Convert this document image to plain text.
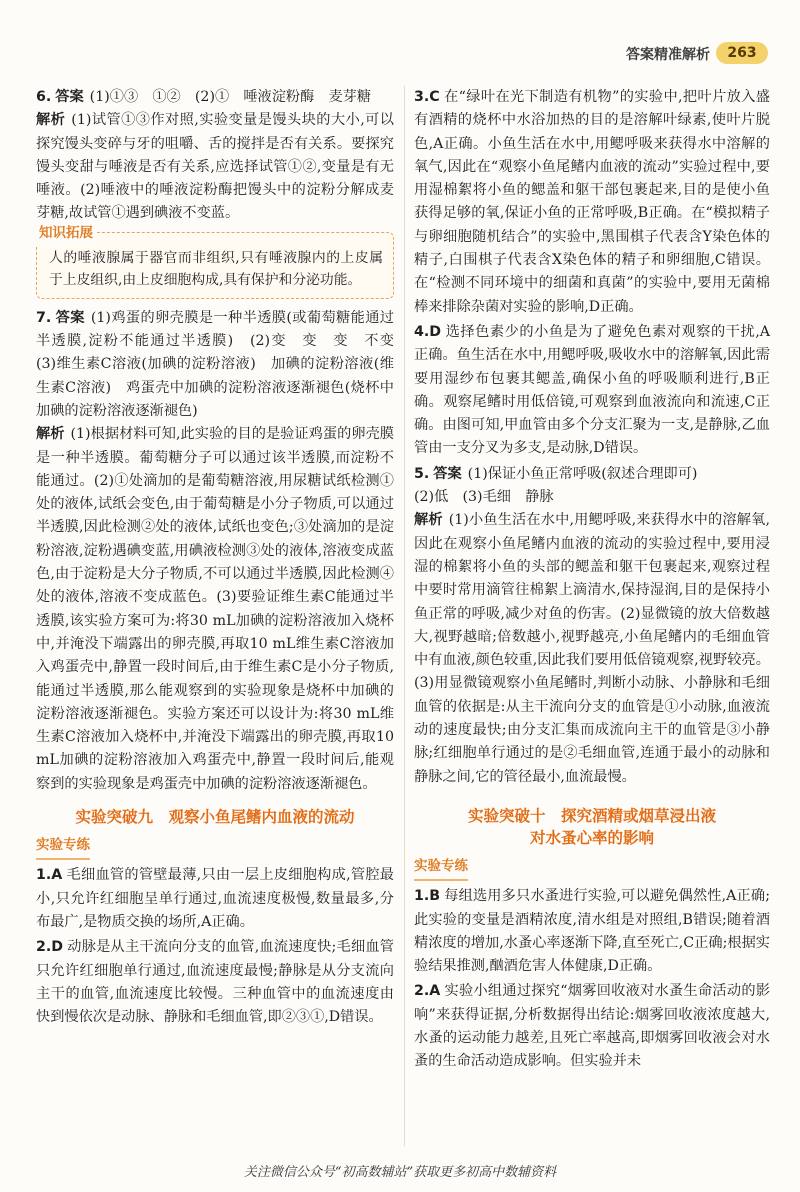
答案精准解析	263

6. 答案 (1)①③　①②　(2)①　唾液淀粉酶　麦芽糖

解析 (1)试管①③作对照,实验变量是馒头块的大小,可以探究馒头变碎与牙的咀嚼、舌的搅拌是否有关系。要探究馒头变甜与唾液是否有关系,应选择试管①②,变量是有无唾液。(2)唾液中的唾液淀粉酶把馒头中的淀粉分解成麦芽糖,故试管①遇到碘液不变蓝。

知识拓展
人的唾液腺属于器官而非组织,只有唾液腺内的上皮属于上皮组织,由上皮细胞构成,具有保护和分泌功能。

7. 答案 (1)鸡蛋的卵壳膜是一种半透膜(或葡萄糖能通过半透膜,淀粉不能通过半透膜)　(2)变　变　变　不变　(3)维生素C溶液(加碘的淀粉溶液)　加碘的淀粉溶液(维生素C溶液)　鸡蛋壳中加碘的淀粉溶液逐渐褪色(烧杯中加碘的淀粉溶液逐渐褪色)

解析 (1)根据材料可知,此实验的目的是验证鸡蛋的卵壳膜是一种半透膜。葡萄糖分子可以通过该半透膜,而淀粉不能通过。(2)①处滴加的是葡萄糖溶液,用尿糖试纸检测①处的液体,试纸会变色,由于葡萄糖是小分子物质,可以通过半透膜,因此检测②处的液体,试纸也变色;③处滴加的是淀粉溶液,淀粉遇碘变蓝,用碘液检测③处的液体,溶液变成蓝色,由于淀粉是大分子物质,不可以通过半透膜,因此检测④处的液体,溶液不变成蓝色。(3)要验证维生素C能通过半透膜,该实验方案可为:将30 mL加碘的淀粉溶液加入烧杯中,并淹没下端露出的卵壳膜,再取10 mL维生素C溶液加入鸡蛋壳中,静置一段时间后,由于维生素C是小分子物质,能通过半透膜,那么能观察到的实验现象是烧杯中加碘的淀粉溶液逐渐褪色。实验方案还可以设计为:将30 mL维生素C溶液加入烧杯中,并淹没下端露出的卵壳膜,再取10 mL加碘的淀粉溶液加入鸡蛋壳中,静置一段时间后,能观察到的实验现象是鸡蛋壳中加碘的淀粉溶液逐渐褪色。

实验突破九　观察小鱼尾鳍内血液的流动
实验专练

1.A 毛细血管的管壁最薄,只由一层上皮细胞构成,管腔最小,只允许红细胞呈单行通过,血流速度极慢,数量最多,分布最广,是物质交换的场所,A正确。

2.D 动脉是从主干流向分支的血管,血流速度快;毛细血管只允许红细胞单行通过,血流速度最慢;静脉是从分支流向主干的血管,血流速度比较慢。三种血管中的血流速度由快到慢依次是动脉、静脉和毛细血管,即②③①,D错误。

3.C 在“绿叶在光下制造有机物”的实验中,把叶片放入盛有酒精的烧杯中水浴加热的目的是溶解叶绿素,使叶片脱色,A正确。小鱼生活在水中,用鳃呼吸来获得水中溶解的氧气,因此在“观察小鱼尾鳍内血液的流动”实验过程中,要用湿棉絮将小鱼的鳃盖和躯干部包裹起来,目的是使小鱼获得足够的氧,保证小鱼的正常呼吸,B正确。在“模拟精子与卵细胞随机结合”的实验中,黑围棋子代表含Y染色体的精子,白围棋子代表含X染色体的精子和卵细胞,C错误。在“检测不同环境中的细菌和真菌”的实验中,要用无菌棉棒来排除杂菌对实验的影响,D正确。

4.D 选择色素少的小鱼是为了避免色素对观察的干扰,A正确。鱼生活在水中,用鳃呼吸,吸收水中的溶解氧,因此需要用湿纱布包裹其鳃盖,确保小鱼的呼吸顺利进行,B正确。观察尾鳍时用低倍镜,可观察到血液流向和流速,C正确。由图可知,甲血管由多个分支汇聚为一支,是静脉,乙血管由一支分叉为多支,是动脉,D错误。

5. 答案 (1)保证小鱼正常呼吸(叙述合理即可)

(2)低　(3)毛细　静脉

解析 (1)小鱼生活在水中,用鳃呼吸,来获得水中的溶解氧,因此在观察小鱼尾鳍内血液的流动的实验过程中,要用浸湿的棉絮将小鱼的头部的鳃盖和躯干包裹起来,观察过程中要时常用滴管往棉絮上滴清水,保持湿润,目的是保持小鱼正常的呼吸,减少对鱼的伤害。(2)显微镜的放大倍数越大,视野越暗;倍数越小,视野越亮,小鱼尾鳍内的毛细血管中有血液,颜色较重,因此我们要用低倍镜观察,视野较亮。(3)用显微镜观察小鱼尾鳍时,判断小动脉、小静脉和毛细血管的依据是:从主干流向分支的血管是①小动脉,血液流动的速度最快;由分支汇集而成流向主干的血管是③小静脉;红细胞单行通过的是②毛细血管,连通于最小的动脉和静脉之间,它的管径最小,血流最慢。

实验突破十　探究酒精或烟草浸出液
对水蚤心率的影响
实验专练

1.B 每组选用多只水蚤进行实验,可以避免偶然性,A正确;此实验的变量是酒精浓度,清水组是对照组,B错误;随着酒精浓度的增加,水蚤心率逐渐下降,直至死亡,C正确;根据实验结果推测,酗酒危害人体健康,D正确。

2.A 实验小组通过探究“烟雾回收液对水蚤生命活动的影响”来获得证据,分析数据得出结论:烟雾回收液浓度越大,水蚤的运动能力越差,且死亡率越高,即烟雾回收液会对水蚤的生命活动造成影响。但实验并未

关注微信公众号“初高数辅站”获取更多初高中数辅资料
